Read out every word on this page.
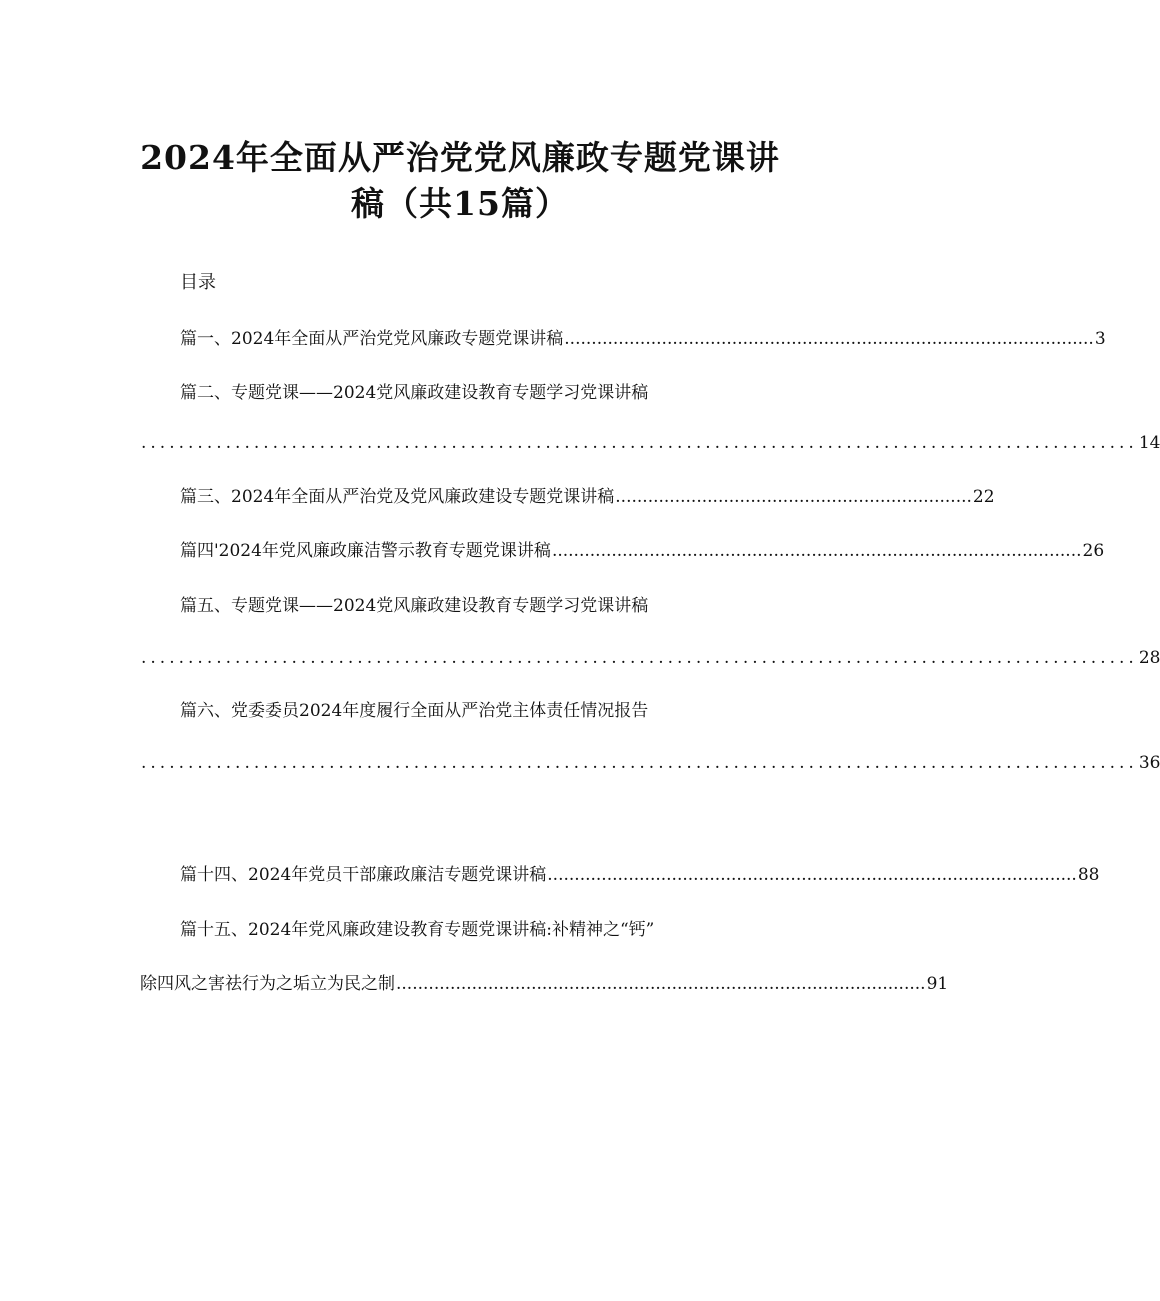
2024年全面从严治党党风廉政专题党课讲
稿（共15篇）
目录
篇一、2024年全面从严治党党风廉政专题党课讲稿 .................................................................................................. 3
篇二、专题党课——2024党风廉政建设教育专题学习党课讲稿
.......................................................................................................... 14
篇三、2024年全面从严治党及党风廉政建设专题党课讲稿 .................................................................. 22
篇四'2024年党风廉政廉洁警示教育专题党课讲稿 .................................................................................................. 26
篇五、专题党课——2024党风廉政建设教育专题学习党课讲稿
.......................................................................................................... 28
篇六、党委委员2024年度履行全面从严治党主体责任情况报告
.......................................................................................................... 36
篇十四、2024年党员干部廉政廉洁专题党课讲稿 .................................................................................................. 88
篇十五、2024年党风廉政建设教育专题党课讲稿:补精神之“钙”
除四风之害祛行为之垢立为民之制 .................................................................................................. 91
